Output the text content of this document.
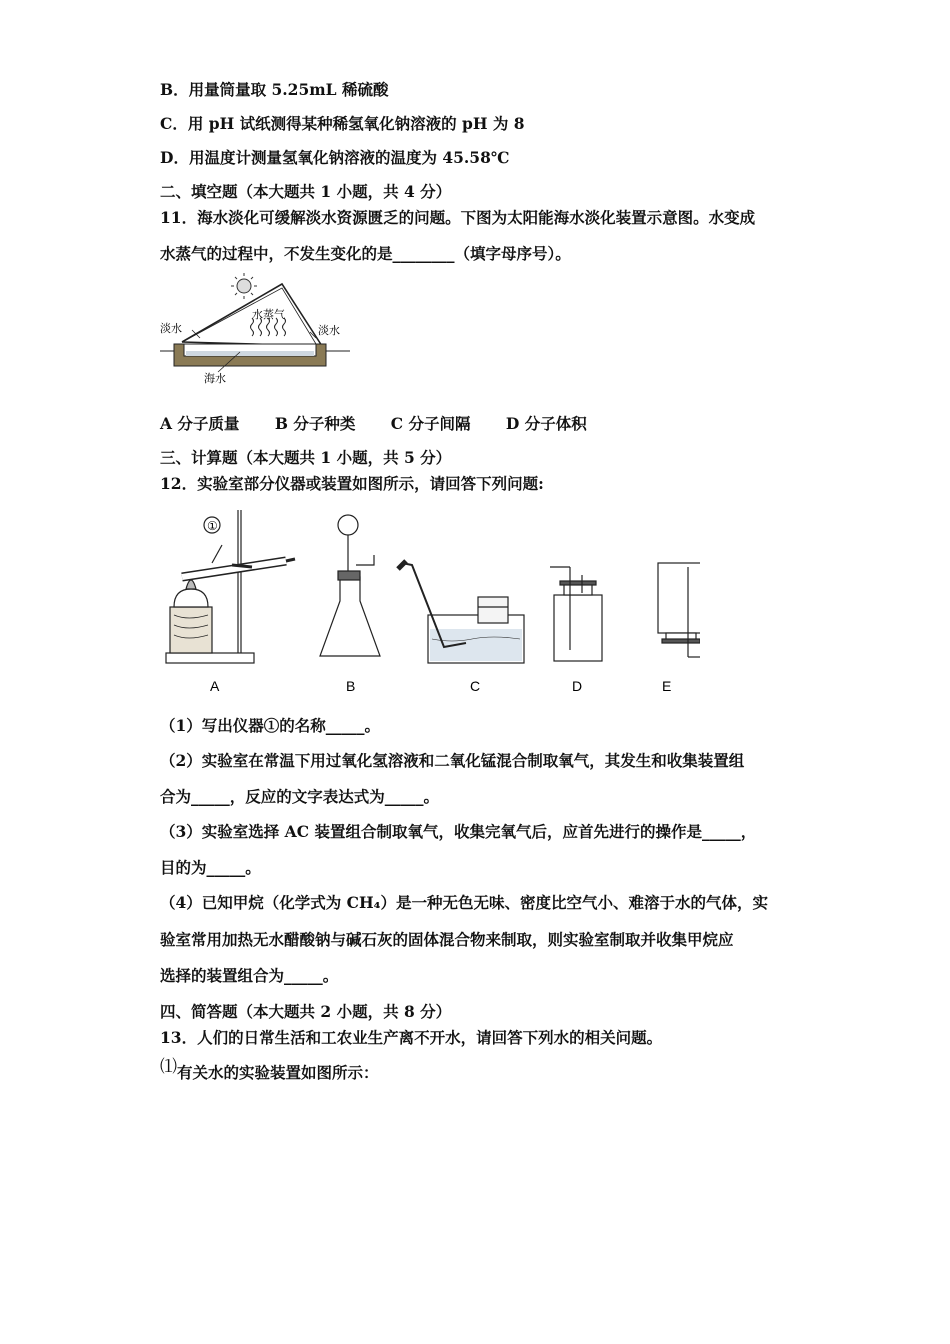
B．用量筒量取 5.25mL 稀硫酸
C．用 pH 试纸测得某种稀氢氧化钠溶液的 pH 为 8
D．用温度计测量氢氧化钠溶液的温度为 45.58℃
二、填空题（本大题共 1 小题，共 4 分）
11．海水淡化可缓解淡水资源匮乏的问题。下图为太阳能海水淡化装置示意图。水变成
水蒸气的过程中，不发生变化的是________（填字母序号）。
淡水
水蒸气
淡水
海水
A 分子质量 B 分子种类 C 分子间隔 D 分子体积
三、计算题（本大题共 1 小题，共 5 分）
12．实验室部分仪器或装置如图所示，请回答下列问题:
①
A	B	C	D	E
（1）写出仪器①的名称_____。
（2）实验室在常温下用过氧化氢溶液和二氧化锰混合制取氧气，其发生和收集装置组
合为_____，反应的文字表达式为_____。
（3）实验室选择 AC 装置组合制取氧气，收集完氧气后，应首先进行的操作是_____，
目的为_____。
（4）已知甲烷（化学式为 CH₄）是一种无色无味、密度比空气小、难溶于水的气体，实
验室常用加热无水醋酸钠与碱石灰的固体混合物来制取，则实验室制取并收集甲烷应
选择的装置组合为_____。
四、简答题（本大题共 2 小题，共 8 分）
13．人们的日常生活和工农业生产离不开水，请回答下列水的相关问题。
⑴有关水的实验装置如图所示：
